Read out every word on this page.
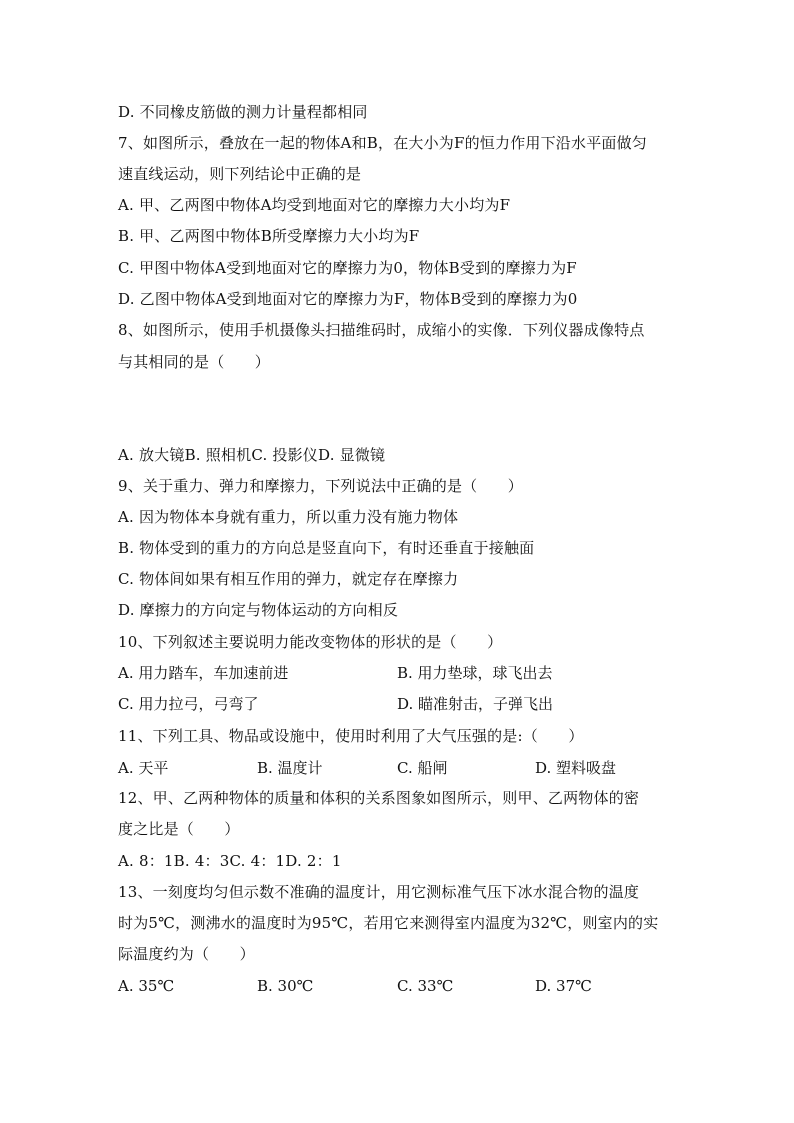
D. 不同橡皮筋做的测力计量程都相同
7、如图所示，叠放在一起的物体A和B，在大小为F的恒力作用下沿水平面做匀
速直线运动，则下列结论中正确的是
A. 甲、乙两图中物体A均受到地面对它的摩擦力大小均为F
B. 甲、乙两图中物体B所受摩擦力大小均为F
C. 甲图中物体A受到地面对它的摩擦力为0，物体B受到的摩擦力为F
D. 乙图中物体A受到地面对它的摩擦力为F，物体B受到的摩擦力为0
8、如图所示，使用手机摄像头扫描维码时，成缩小的实像．下列仪器成像特点
与其相同的是（　　）
A. 放大镜B. 照相机C. 投影仪D. 显微镜
9、关于重力、弹力和摩擦力，下列说法中正确的是（　　）
A. 因为物体本身就有重力，所以重力没有施力物体
B. 物体受到的重力的方向总是竖直向下，有时还垂直于接触面
C. 物体间如果有相互作用的弹力，就定存在摩擦力
D. 摩擦力的方向定与物体运动的方向相反
10、下列叙述主要说明力能改变物体的形状的是（　　）
A. 用力踏车，车加速前进	B. 用力垫球，球飞出去
C. 用力拉弓，弓弯了	D. 瞄准射击，子弹飞出
11、下列工具、物品或设施中，使用时利用了大气压强的是:（　　）
A. 天平	B. 温度计	C. 船闸	D. 塑料吸盘
12、甲、乙两种物体的质量和体积的关系图象如图所示，则甲、乙两物体的密
度之比是（　　）
A. 8：1B. 4：3C. 4：1D. 2：1
13、一刻度均匀但示数不准确的温度计，用它测标准气压下冰水混合物的温度
时为5℃，测沸水的温度时为95℃，若用它来测得室内温度为32℃，则室内的实
际温度约为（　　）
A. 35℃	B. 30℃	C. 33℃	D. 37℃
